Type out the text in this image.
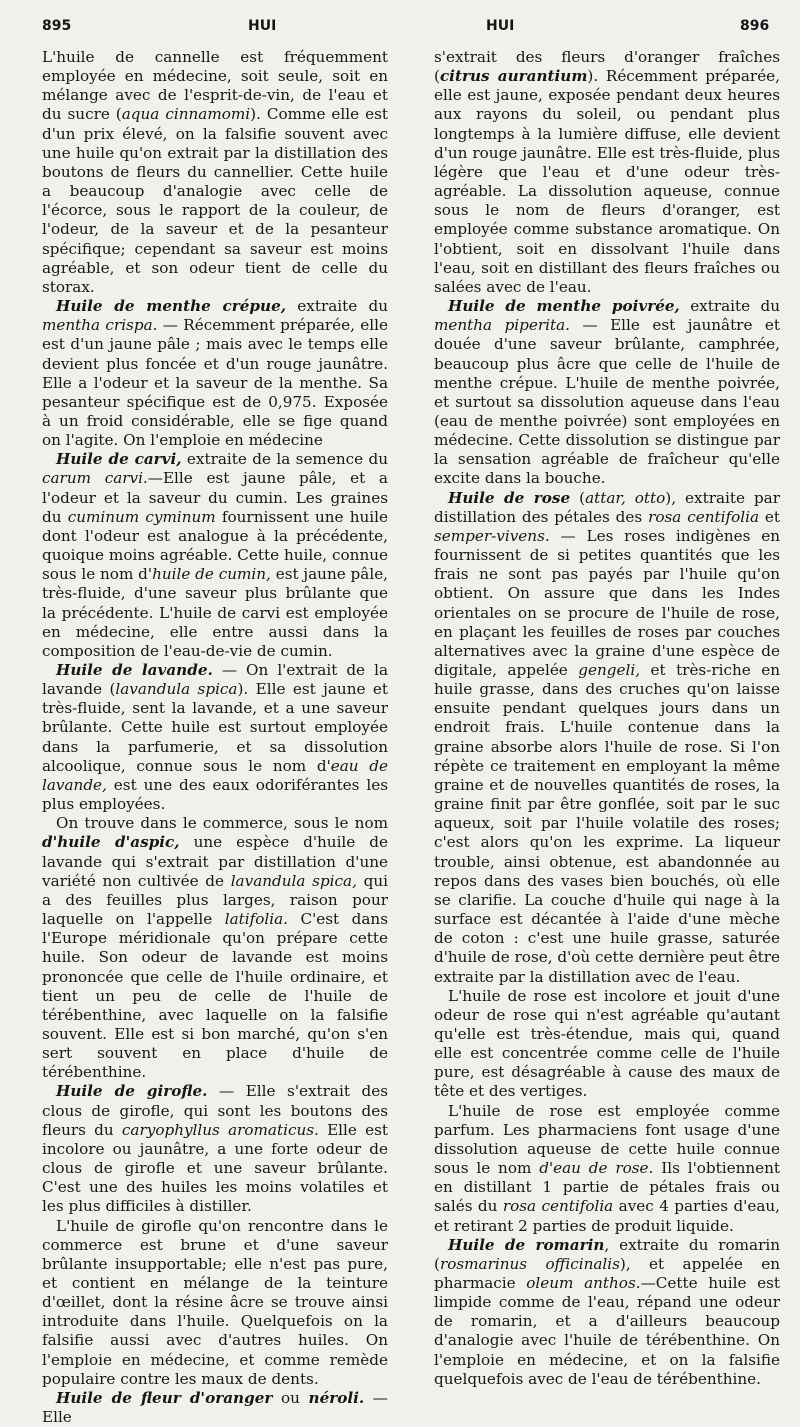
895	HUI	HUI	896

L'huile de cannelle est fréquemment employée en médecine, soit seule, soit en mélange avec de l'esprit-de-vin, de l'eau et du sucre (aqua cinnamomi). Comme elle est d'un prix élevé, on la falsifie souvent avec une huile qu'on extrait par la distillation des boutons de fleurs du cannellier. Cette huile a beaucoup d'analogie avec celle de l'écorce, sous le rapport de la couleur, de l'odeur, de la saveur et de la pesanteur spécifique; cependant sa saveur est moins agréable, et son odeur tient de celle du storax.

Huile de menthe crépue, extraite du mentha crispa. — Récemment préparée, elle est d'un jaune pâle ; mais avec le temps elle devient plus foncée et d'un rouge jaunâtre. Elle a l'odeur et la saveur de la menthe. Sa pesanteur spécifique est de 0,975. Exposée à un froid considérable, elle se fige quand on l'agite. On l'emploie en médecine

Huile de carvi, extraite de la semence du carum carvi.—Elle est jaune pâle, et a l'odeur et la saveur du cumin. Les graines du cuminum cyminum fournissent une huile dont l'odeur est analogue à la précédente, quoique moins agréable. Cette huile, connue sous le nom d'huile de cumin, est jaune pâle, très-fluide, d'une saveur plus brûlante que la précédente. L'huile de carvi est employée en médecine, elle entre aussi dans la composition de l'eau-de-vie de cumin.

Huile de lavande. — On l'extrait de la lavande (lavandula spica). Elle est jaune et très-fluide, sent la lavande, et a une saveur brûlante. Cette huile est surtout employée dans la parfumerie, et sa dissolution alcoolique, connue sous le nom d'eau de lavande, est une des eaux odoriférantes les plus employées.

On trouve dans le commerce, sous le nom d'huile d'aspic, une espèce d'huile de lavande qui s'extrait par distillation d'une variété non cultivée de lavandula spica, qui a des feuilles plus larges, raison pour laquelle on l'appelle latifolia. C'est dans l'Europe méridionale qu'on prépare cette huile. Son odeur de lavande est moins prononcée que celle de l'huile ordinaire, et tient un peu de celle de l'huile de térébenthine, avec laquelle on la falsifie souvent. Elle est si bon marché, qu'on s'en sert souvent en place d'huile de térébenthine.

Huile de girofle. — Elle s'extrait des clous de girofle, qui sont les boutons des fleurs du caryophyllus aromaticus. Elle est incolore ou jaunâtre, a une forte odeur de clous de girofle et une saveur brûlante. C'est une des huiles les moins volatiles et les plus difficiles à distiller.

L'huile de girofle qu'on rencontre dans le commerce est brune et d'une saveur brûlante insupportable; elle n'est pas pure, et contient en mélange de la teinture d'œillet, dont la résine âcre se trouve ainsi introduite dans l'huile. Quelquefois on la falsifie aussi avec d'autres huiles. On l'emploie en médecine, et comme remède populaire contre les maux de dents.

Huile de fleur d'oranger ou néroli. — Elle

s'extrait des fleurs d'oranger fraîches (citrus aurantium). Récemment préparée, elle est jaune, exposée pendant deux heures aux rayons du soleil, ou pendant plus longtemps à la lumière diffuse, elle devient d'un rouge jaunâtre. Elle est très-fluide, plus légère que l'eau et d'une odeur très-agréable. La dissolution aqueuse, connue sous le nom de fleurs d'oranger, est employée comme substance aromatique. On l'obtient, soit en dissolvant l'huile dans l'eau, soit en distillant des fleurs fraîches ou salées avec de l'eau.

Huile de menthe poivrée, extraite du mentha piperita. — Elle est jaunâtre et douée d'une saveur brûlante, camphrée, beaucoup plus âcre que celle de l'huile de menthe crépue. L'huile de menthe poivrée, et surtout sa dissolution aqueuse dans l'eau (eau de menthe poivrée) sont employées en médecine. Cette dissolution se distingue par la sensation agréable de fraîcheur qu'elle excite dans la bouche.

Huile de rose (attar, otto), extraite par distillation des pétales des rosa centifolia et semper-vivens. — Les roses indigènes en fournissent de si petites quantités que les frais ne sont pas payés par l'huile qu'on obtient. On assure que dans les Indes orientales on se procure de l'huile de rose, en plaçant les feuilles de roses par couches alternatives avec la graine d'une espèce de digitale, appelée gengeli, et très-riche en huile grasse, dans des cruches qu'on laisse ensuite pendant quelques jours dans un endroit frais. L'huile contenue dans la graine absorbe alors l'huile de rose. Si l'on répète ce traitement en employant la même graine et de nouvelles quantités de roses, la graine finit par être gonflée, soit par le suc aqueux, soit par l'huile volatile des roses; c'est alors qu'on les exprime. La liqueur trouble, ainsi obtenue, est abandonnée au repos dans des vases bien bouchés, où elle se clarifie. La couche d'huile qui nage à la surface est décantée à l'aide d'une mèche de coton : c'est une huile grasse, saturée d'huile de rose, d'où cette dernière peut être extraite par la distillation avec de l'eau.

L'huile de rose est incolore et jouit d'une odeur de rose qui n'est agréable qu'autant qu'elle est très-étendue, mais qui, quand elle est concentrée comme celle de l'huile pure, est désagréable à cause des maux de tête et des vertiges.

L'huile de rose est employée comme parfum. Les pharmaciens font usage d'une dissolution aqueuse de cette huile connue sous le nom d'eau de rose. Ils l'obtiennent en distillant 1 partie de pétales frais ou salés du rosa centifolia avec 4 parties d'eau, et retirant 2 parties de produit liquide.

Huile de romarin, extraite du romarin (rosmarinus officinalis), et appelée en pharmacie oleum anthos.—Cette huile est limpide comme de l'eau, répand une odeur de romarin, et a d'ailleurs beaucoup d'analogie avec l'huile de térébenthine. On l'emploie en médecine, et on la falsifie quelquefois avec de l'eau de térébenthine.
